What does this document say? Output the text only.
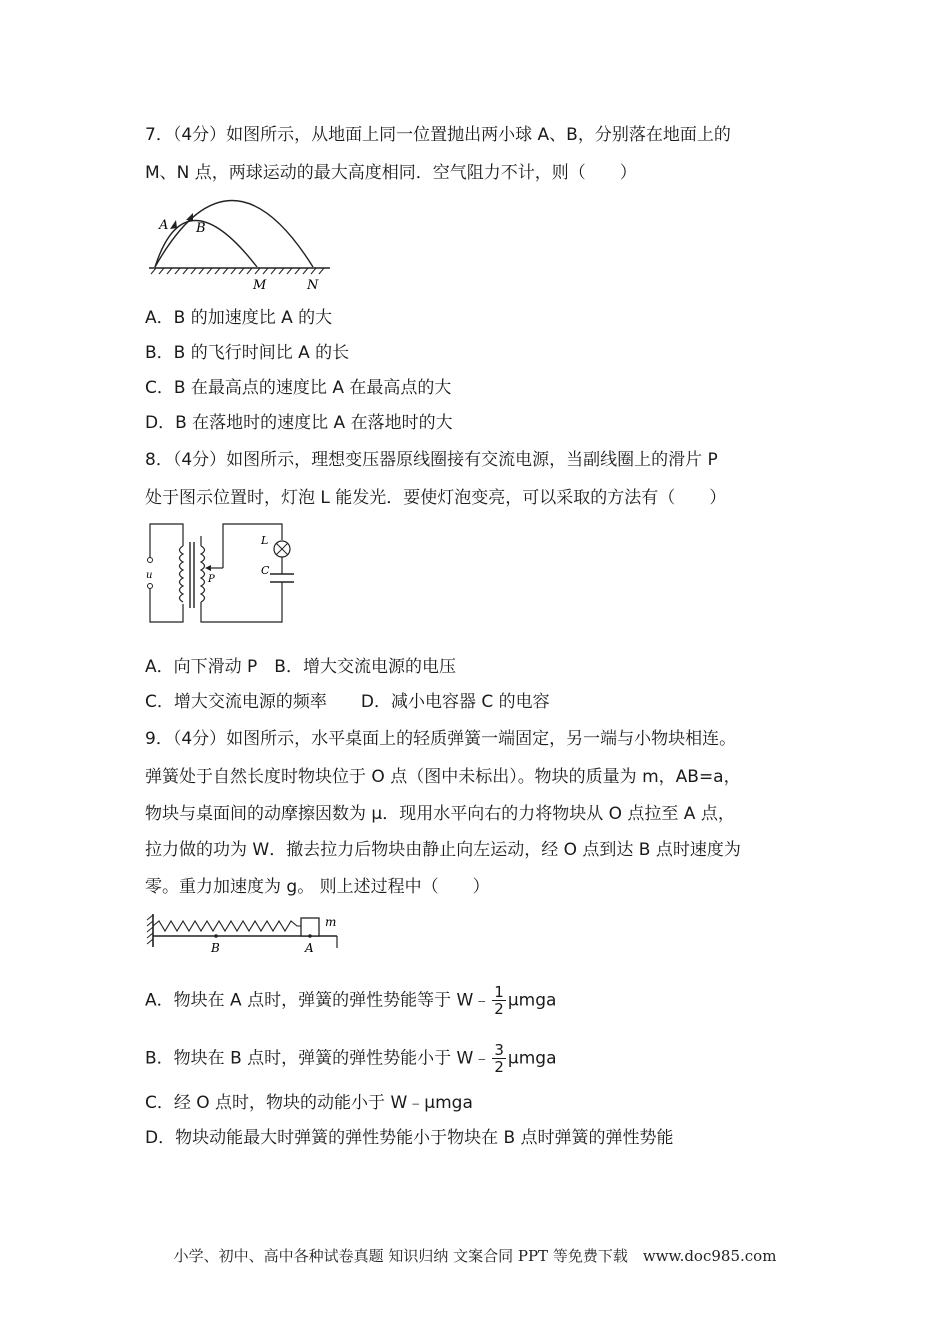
7．（4分）如图所示，从地面上同一位置抛出两小球 A、B，分别落在地面上的
M、N 点，两球运动的最大高度相同．空气阻力不计，则（　　）
A B
M	N
A．B 的加速度比 A 的大
B．B 的飞行时间比 A 的长
C．B 在最高点的速度比 A 在最高点的大
D．B 在落地时的速度比 A 在落地时的大
8．（4分）如图所示，理想变压器原线圈接有交流电源，当副线圈上的滑片 P
处于图示位置时，灯泡 L 能发光．要使灯泡变亮，可以采取的方法有（　　）
u	P
L
C
A．向下滑动 P　B．增大交流电源的电压
C．增大交流电源的频率　　D．减小电容器 C 的电容
9．（4分）如图所示，水平桌面上的轻质弹簧一端固定，另一端与小物块相连。
弹簧处于自然长度时物块位于 O 点（图中未标出）。物块的质量为 m，AB=a，
物块与桌面间的动摩擦因数为 μ．现用水平向右的力将物块从 O 点拉至 A 点，
拉力做的功为 W．撤去拉力后物块由静止向左运动，经 O 点到达 B 点时速度为
零。重力加速度为 g。 则上述过程中（　　）
m
B	A
A．物块在 A 点时，弹簧的弹性势能等于 W﹣ $\frac{1}{2}$ μmga
B．物块在 B 点时，弹簧的弹性势能小于 W﹣ $\frac{3}{2}$ μmga
C．经 O 点时，物块的动能小于 W﹣μmga
D．物块动能最大时弹簧的弹性势能小于物块在 B 点时弹簧的弹性势能
小学、初中、高中各种试卷真题 知识归纳 文案合同 PPT 等免费下载　www.doc985.com
